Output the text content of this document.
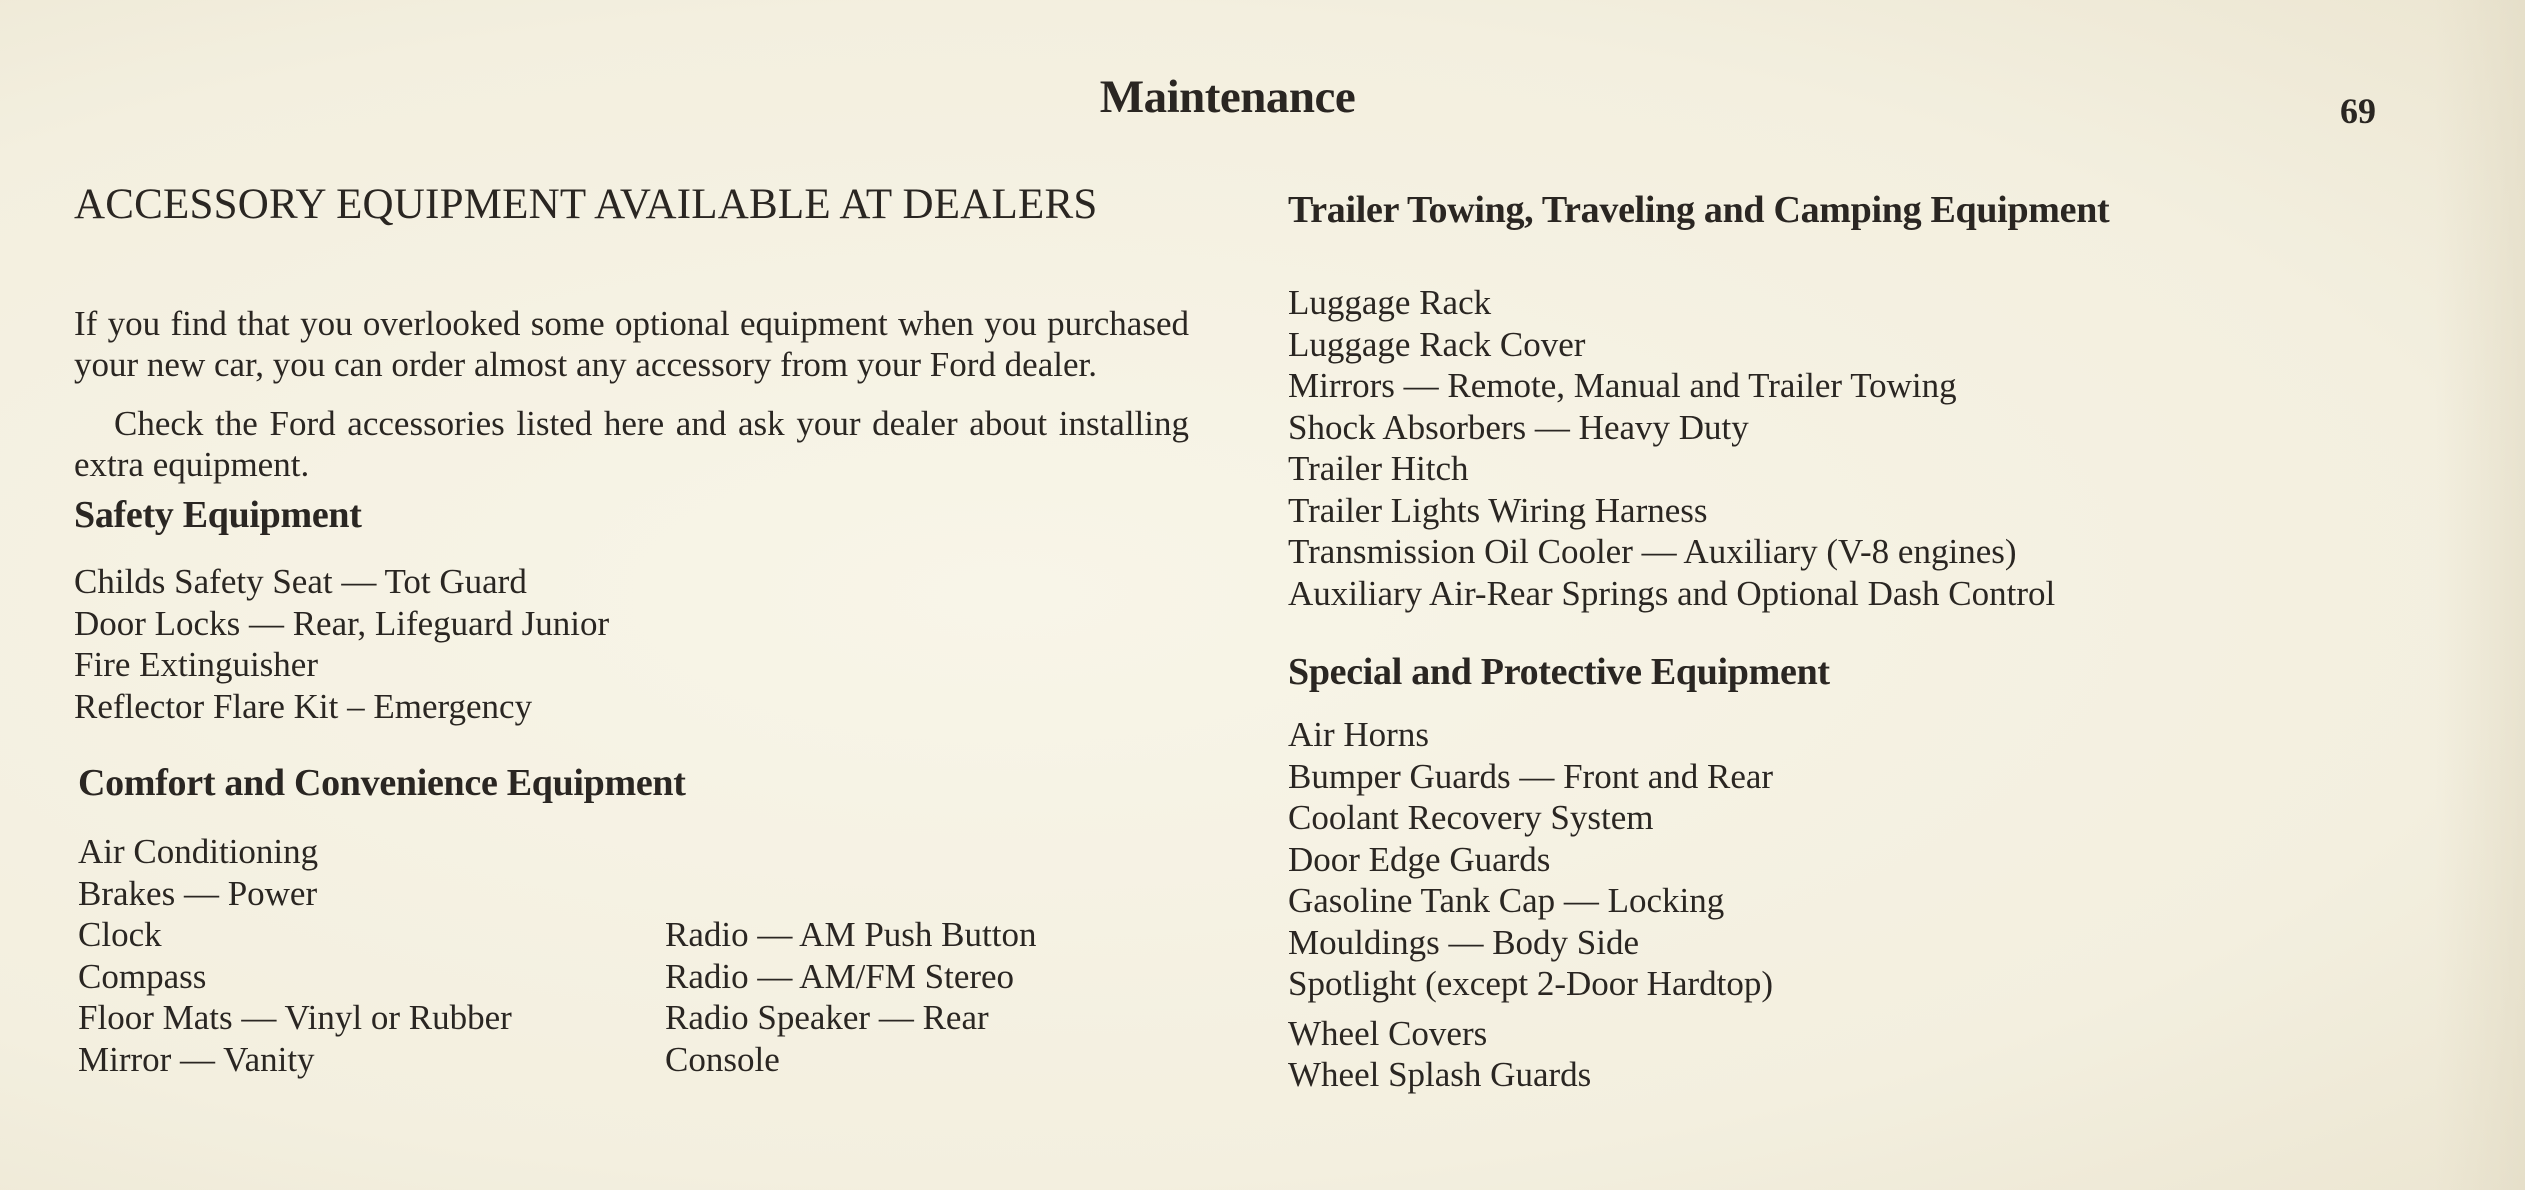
Maintenance	69
ACCESSORY EQUIPMENT AVAILABLE AT DEALERS

If you find that you overlooked some optional equipment when you purchased your new car, you can order almost any accessory from your Ford dealer.

Check the Ford accessories listed here and ask your dealer about installing extra equipment.

Safety Equipment
Childs Safety Seat — Tot Guard
Door Locks — Rear, Lifeguard Junior
Fire Extinguisher
Reflector Flare Kit – Emergency
Comfort and Convenience Equipment
Air Conditioning
Brakes — Power
Clock
Compass
Floor Mats — Vinyl or Rubber
Mirror — Vanity
Radio — AM Push Button
Radio — AM/FM Stereo
Radio Speaker — Rear
Console
Trailer Towing, Traveling and Camping Equipment
Luggage Rack
Luggage Rack Cover
Mirrors — Remote, Manual and Trailer Towing
Shock Absorbers — Heavy Duty
Trailer Hitch
Trailer Lights Wiring Harness
Transmission Oil Cooler — Auxiliary (V-8 engines)
Auxiliary Air-Rear Springs and Optional Dash Control
Special and Protective Equipment
Air Horns
Bumper Guards — Front and Rear
Coolant Recovery System
Door Edge Guards
Gasoline Tank Cap — Locking
Mouldings — Body Side
Spotlight (except 2-Door Hardtop)
Wheel Covers
Wheel Splash Guards
